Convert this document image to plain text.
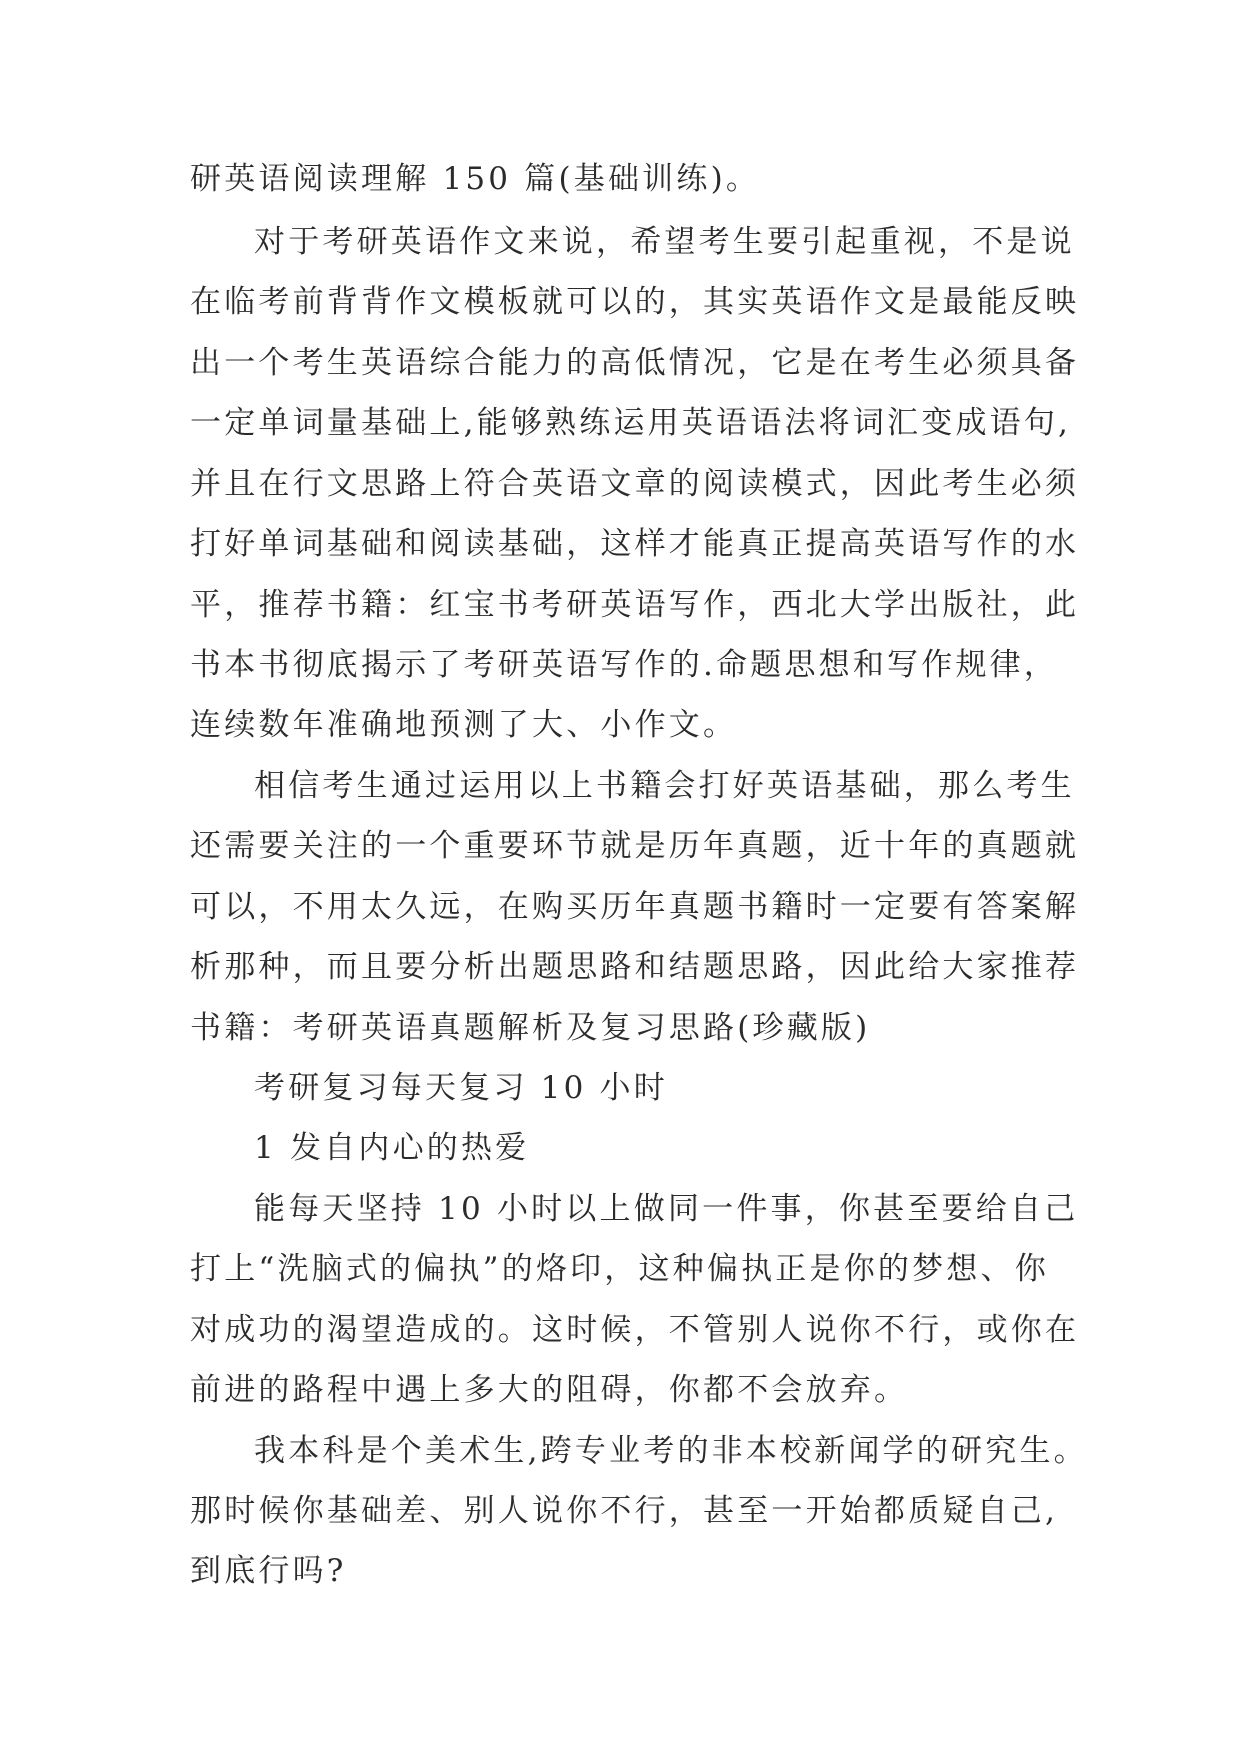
研英语阅读理解 150 篇(基础训练)。

对于考研英语作文来说，希望考生要引起重视，不是说

在临考前背背作文模板就可以的，其实英语作文是最能反映

出一个考生英语综合能力的高低情况，它是在考生必须具备

一定单词量基础上,能够熟练运用英语语法将词汇变成语句,

并且在行文思路上符合英语文章的阅读模式，因此考生必须

打好单词基础和阅读基础，这样才能真正提高英语写作的水

平，推荐书籍：红宝书考研英语写作，西北大学出版社，此

书本书彻底揭示了考研英语写作的.命题思想和写作规律，

连续数年准确地预测了大、小作文。

相信考生通过运用以上书籍会打好英语基础，那么考生

还需要关注的一个重要环节就是历年真题，近十年的真题就

可以，不用太久远，在购买历年真题书籍时一定要有答案解

析那种，而且要分析出题思路和结题思路，因此给大家推荐

书籍：考研英语真题解析及复习思路(珍藏版)

考研复习每天复习 10 小时

1 发自内心的热爱

能每天坚持 10 小时以上做同一件事，你甚至要给自己

打上“洗脑式的偏执”的烙印，这种偏执正是你的梦想、你

对成功的渴望造成的。这时候，不管别人说你不行，或你在

前进的路程中遇上多大的阻碍，你都不会放弃。

我本科是个美术生,跨专业考的非本校新闻学的研究生。

那时候你基础差、别人说你不行，甚至一开始都质疑自己,

到底行吗?
